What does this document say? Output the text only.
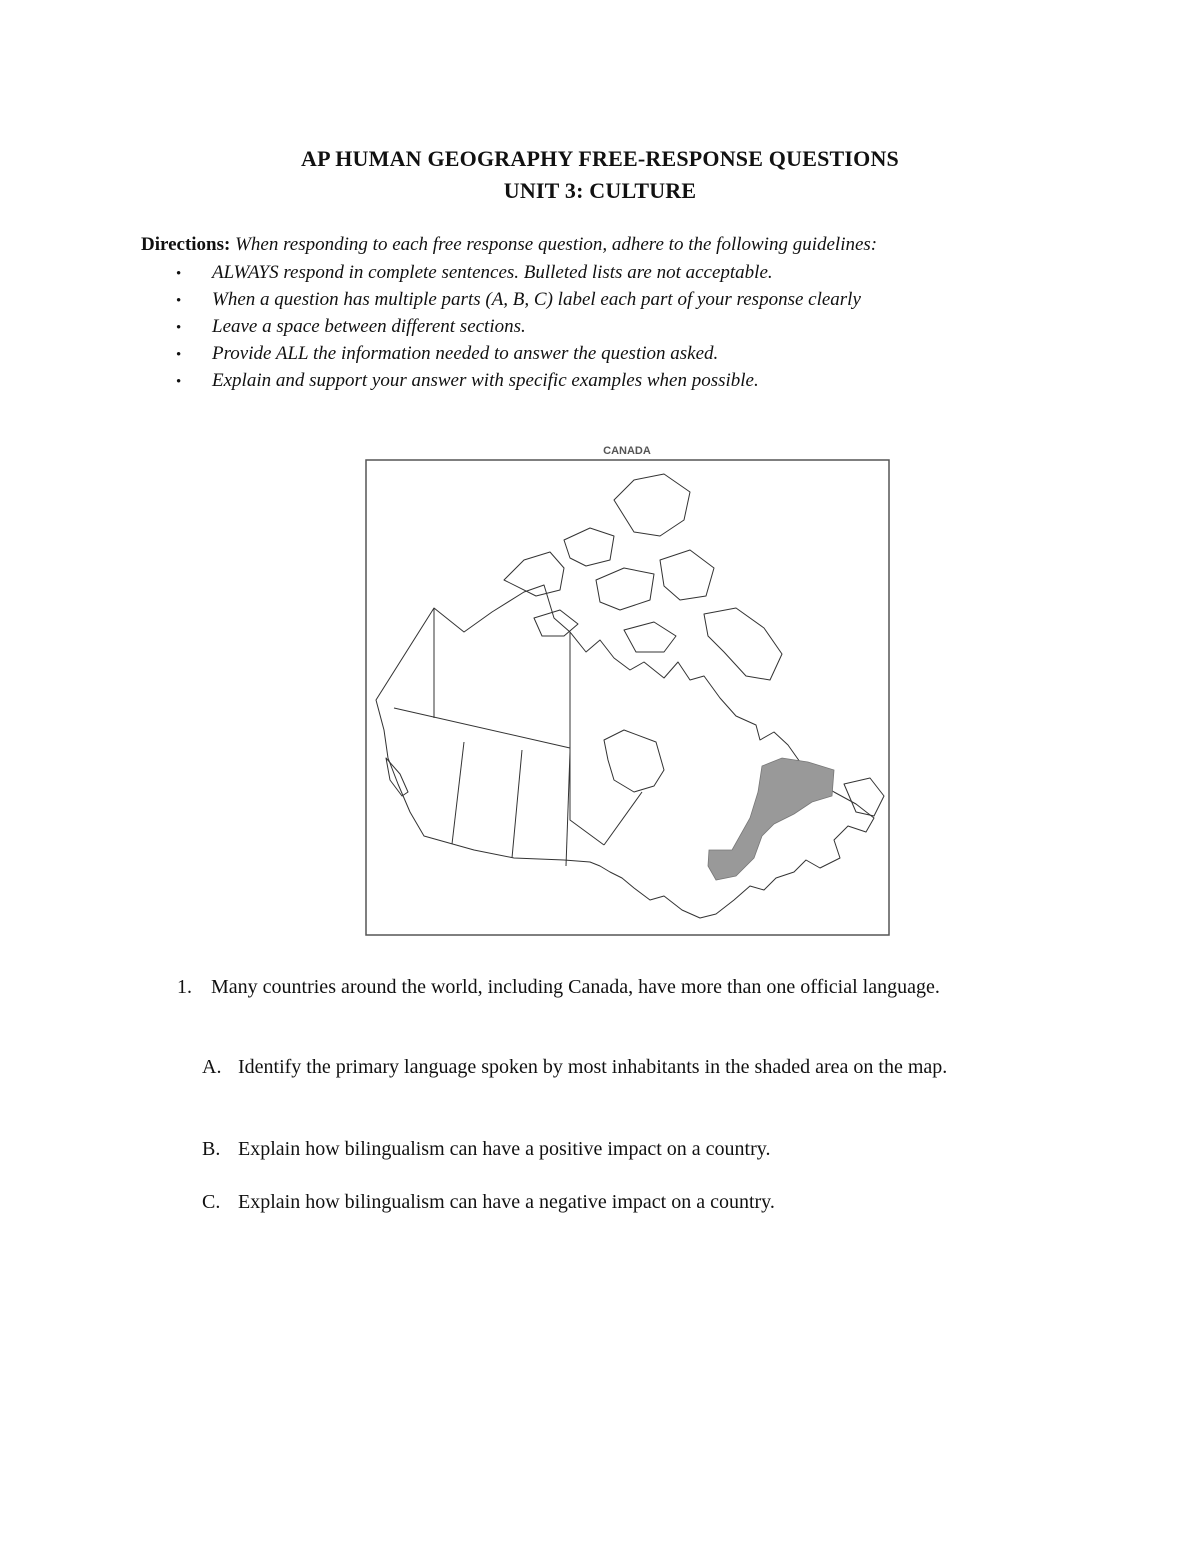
AP HUMAN GEOGRAPHY FREE-RESPONSE QUESTIONS
UNIT 3: CULTURE
Directions: When responding to each free response question, adhere to the following guidelines:
• ALWAYS respond in complete sentences. Bulleted lists are not acceptable.
• When a question has multiple parts (A, B, C) label each part of your response clearly
• Leave a space between different sections.
• Provide ALL the information needed to answer the question asked.
• Explain and support your answer with specific examples when possible.
CANADA
1. Many countries around the world, including Canada, have more than one official language.
A. Identify the primary language spoken by most inhabitants in the shaded area on the map.
B. Explain how bilingualism can have a positive impact on a country.
C. Explain how bilingualism can have a negative impact on a country.
